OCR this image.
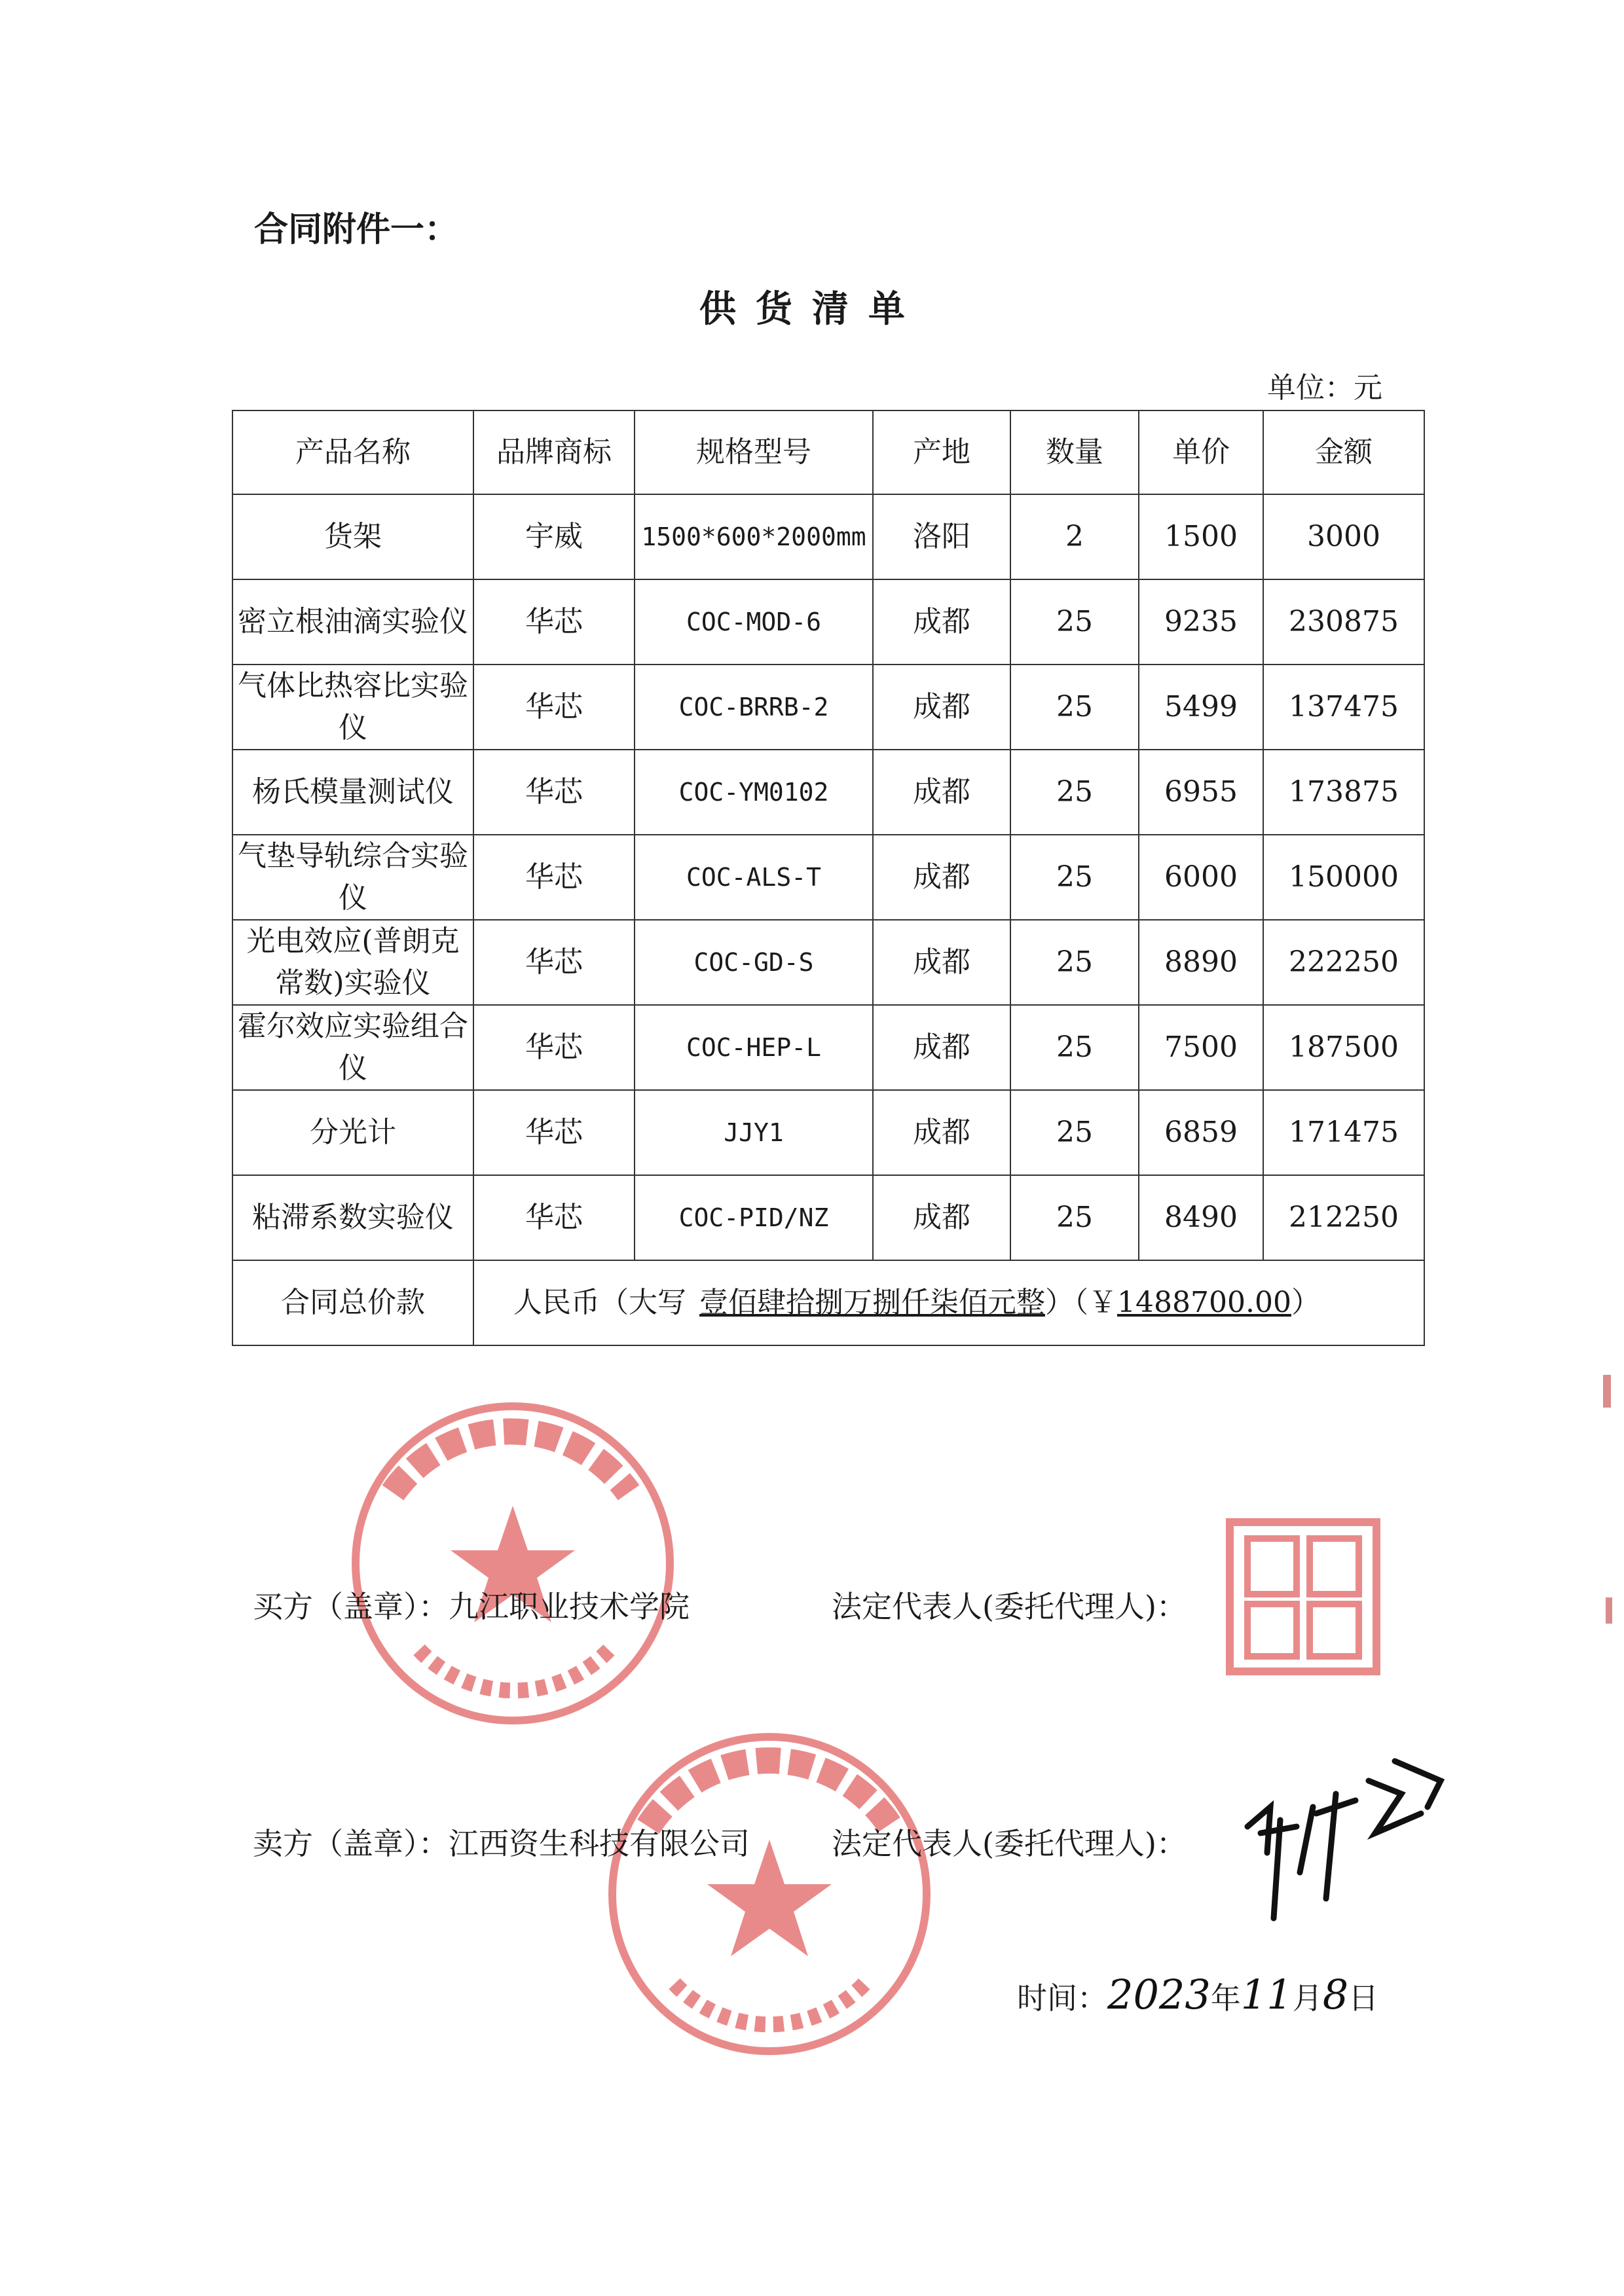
合同附件一：
供货清单
单位：元
产品名称	品牌商标	规格型号	产地	数量	单价	金额
货架	宇威	1500*600*2000mm	洛阳	2	1500	3000
密立根油滴实验仪	华芯	COC-MOD-6	成都	25	9235	230875
气体比热容比实验仪	华芯	COC-BRRB-2	成都	25	5499	137475
杨氏模量测试仪	华芯	COC-YM0102	成都	25	6955	173875
气垫导轨综合实验仪	华芯	COC-ALS-T	成都	25	6000	150000
光电效应(普朗克常数)实验仪	华芯	COC-GD-S	成都	25	8890	222250
霍尔效应实验组合仪	华芯	COC-HEP-L	成都	25	7500	187500
分光计	华芯	JJY1	成都	25	6859	171475
粘滞系数实验仪	华芯	COC-PID/NZ	成都	25	8490	212250
合同总价款	人民币（大写 壹佰肆拾捌万捌仟柒佰元整）（￥1488700.00）					
买方（盖章）：九江职业技术学院	法定代表人(委托代理人)：
卖方（盖章）：江西资生科技有限公司	法定代表人(委托代理人)：
时间：2023年11月8日
